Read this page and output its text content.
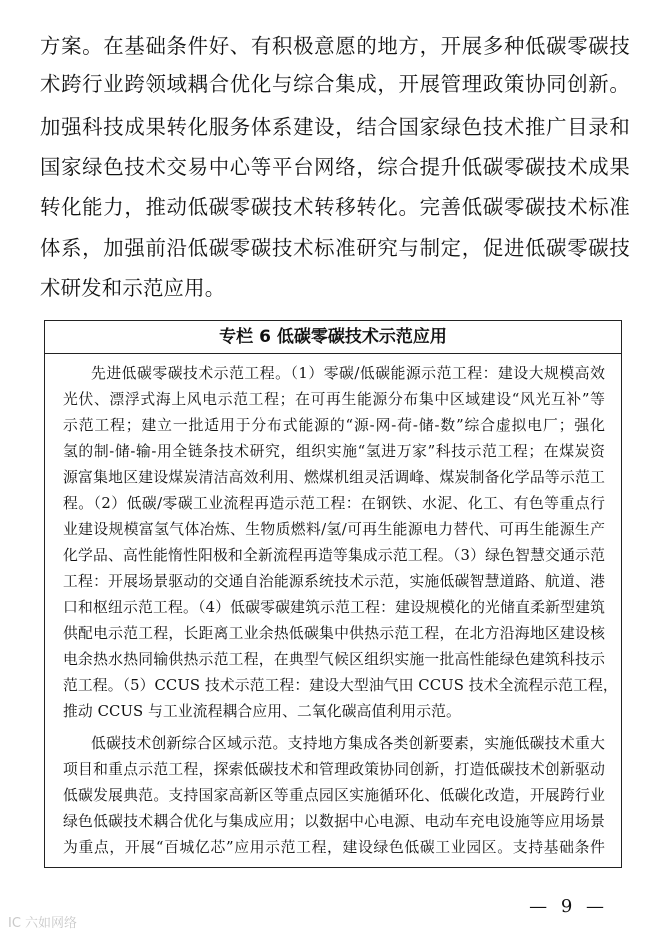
方案。在基础条件好、有积极意愿的地方，开展多种低碳零碳技
术跨行业跨领域耦合优化与综合集成，开展管理政策协同创新。
加强科技成果转化服务体系建设，结合国家绿色技术推广目录和
国家绿色技术交易中心等平台网络，综合提升低碳零碳技术成果
转化能力，推动低碳零碳技术转移转化。完善低碳零碳技术标准
体系，加强前沿低碳零碳技术标准研究与制定，促进低碳零碳技
术研发和示范应用。
专栏 6 低碳零碳技术示范应用
先进低碳零碳技术示范工程。（1）零碳/低碳能源示范工程：建设大规模高效
光伏、漂浮式海上风电示范工程；在可再生能源分布集中区域建设“风光互补”等
示范工程；建立一批适用于分布式能源的“源-网-荷-储-数”综合虚拟电厂；强化
氢的制-储-输-用全链条技术研究，组织实施“氢进万家”科技示范工程；在煤炭资
源富集地区建设煤炭清洁高效利用、燃煤机组灵活调峰、煤炭制备化学品等示范工
程。（2）低碳/零碳工业流程再造示范工程：在钢铁、水泥、化工、有色等重点行
业建设规模富氢气体冶炼、生物质燃料/氢/可再生能源电力替代、可再生能源生产
化学品、高性能惰性阳极和全新流程再造等集成示范工程。（3）绿色智慧交通示范
工程：开展场景驱动的交通自治能源系统技术示范，实施低碳智慧道路、航道、港
口和枢纽示范工程。（4）低碳零碳建筑示范工程：建设规模化的光储直柔新型建筑
供配电示范工程，长距离工业余热低碳集中供热示范工程，在北方沿海地区建设核
电余热水热同输供热示范工程，在典型气候区组织实施一批高性能绿色建筑科技示
范工程。（5）CCUS 技术示范工程：建设大型油气田 CCUS 技术全流程示范工程，
推动 CCUS 与工业流程耦合应用、二氧化碳高值利用示范。
低碳技术创新综合区域示范。支持地方集成各类创新要素，实施低碳技术重大
项目和重点示范工程，探索低碳技术和管理政策协同创新，打造低碳技术创新驱动
低碳发展典范。支持国家高新区等重点园区实施循环化、低碳化改造，开展跨行业
绿色低碳技术耦合优化与集成应用；以数据中心电源、电动车充电设施等应用场景
为重点，开展“百城亿芯”应用示范工程，建设绿色低碳工业园区。支持基础条件
— 9 —
IC 六如网络
